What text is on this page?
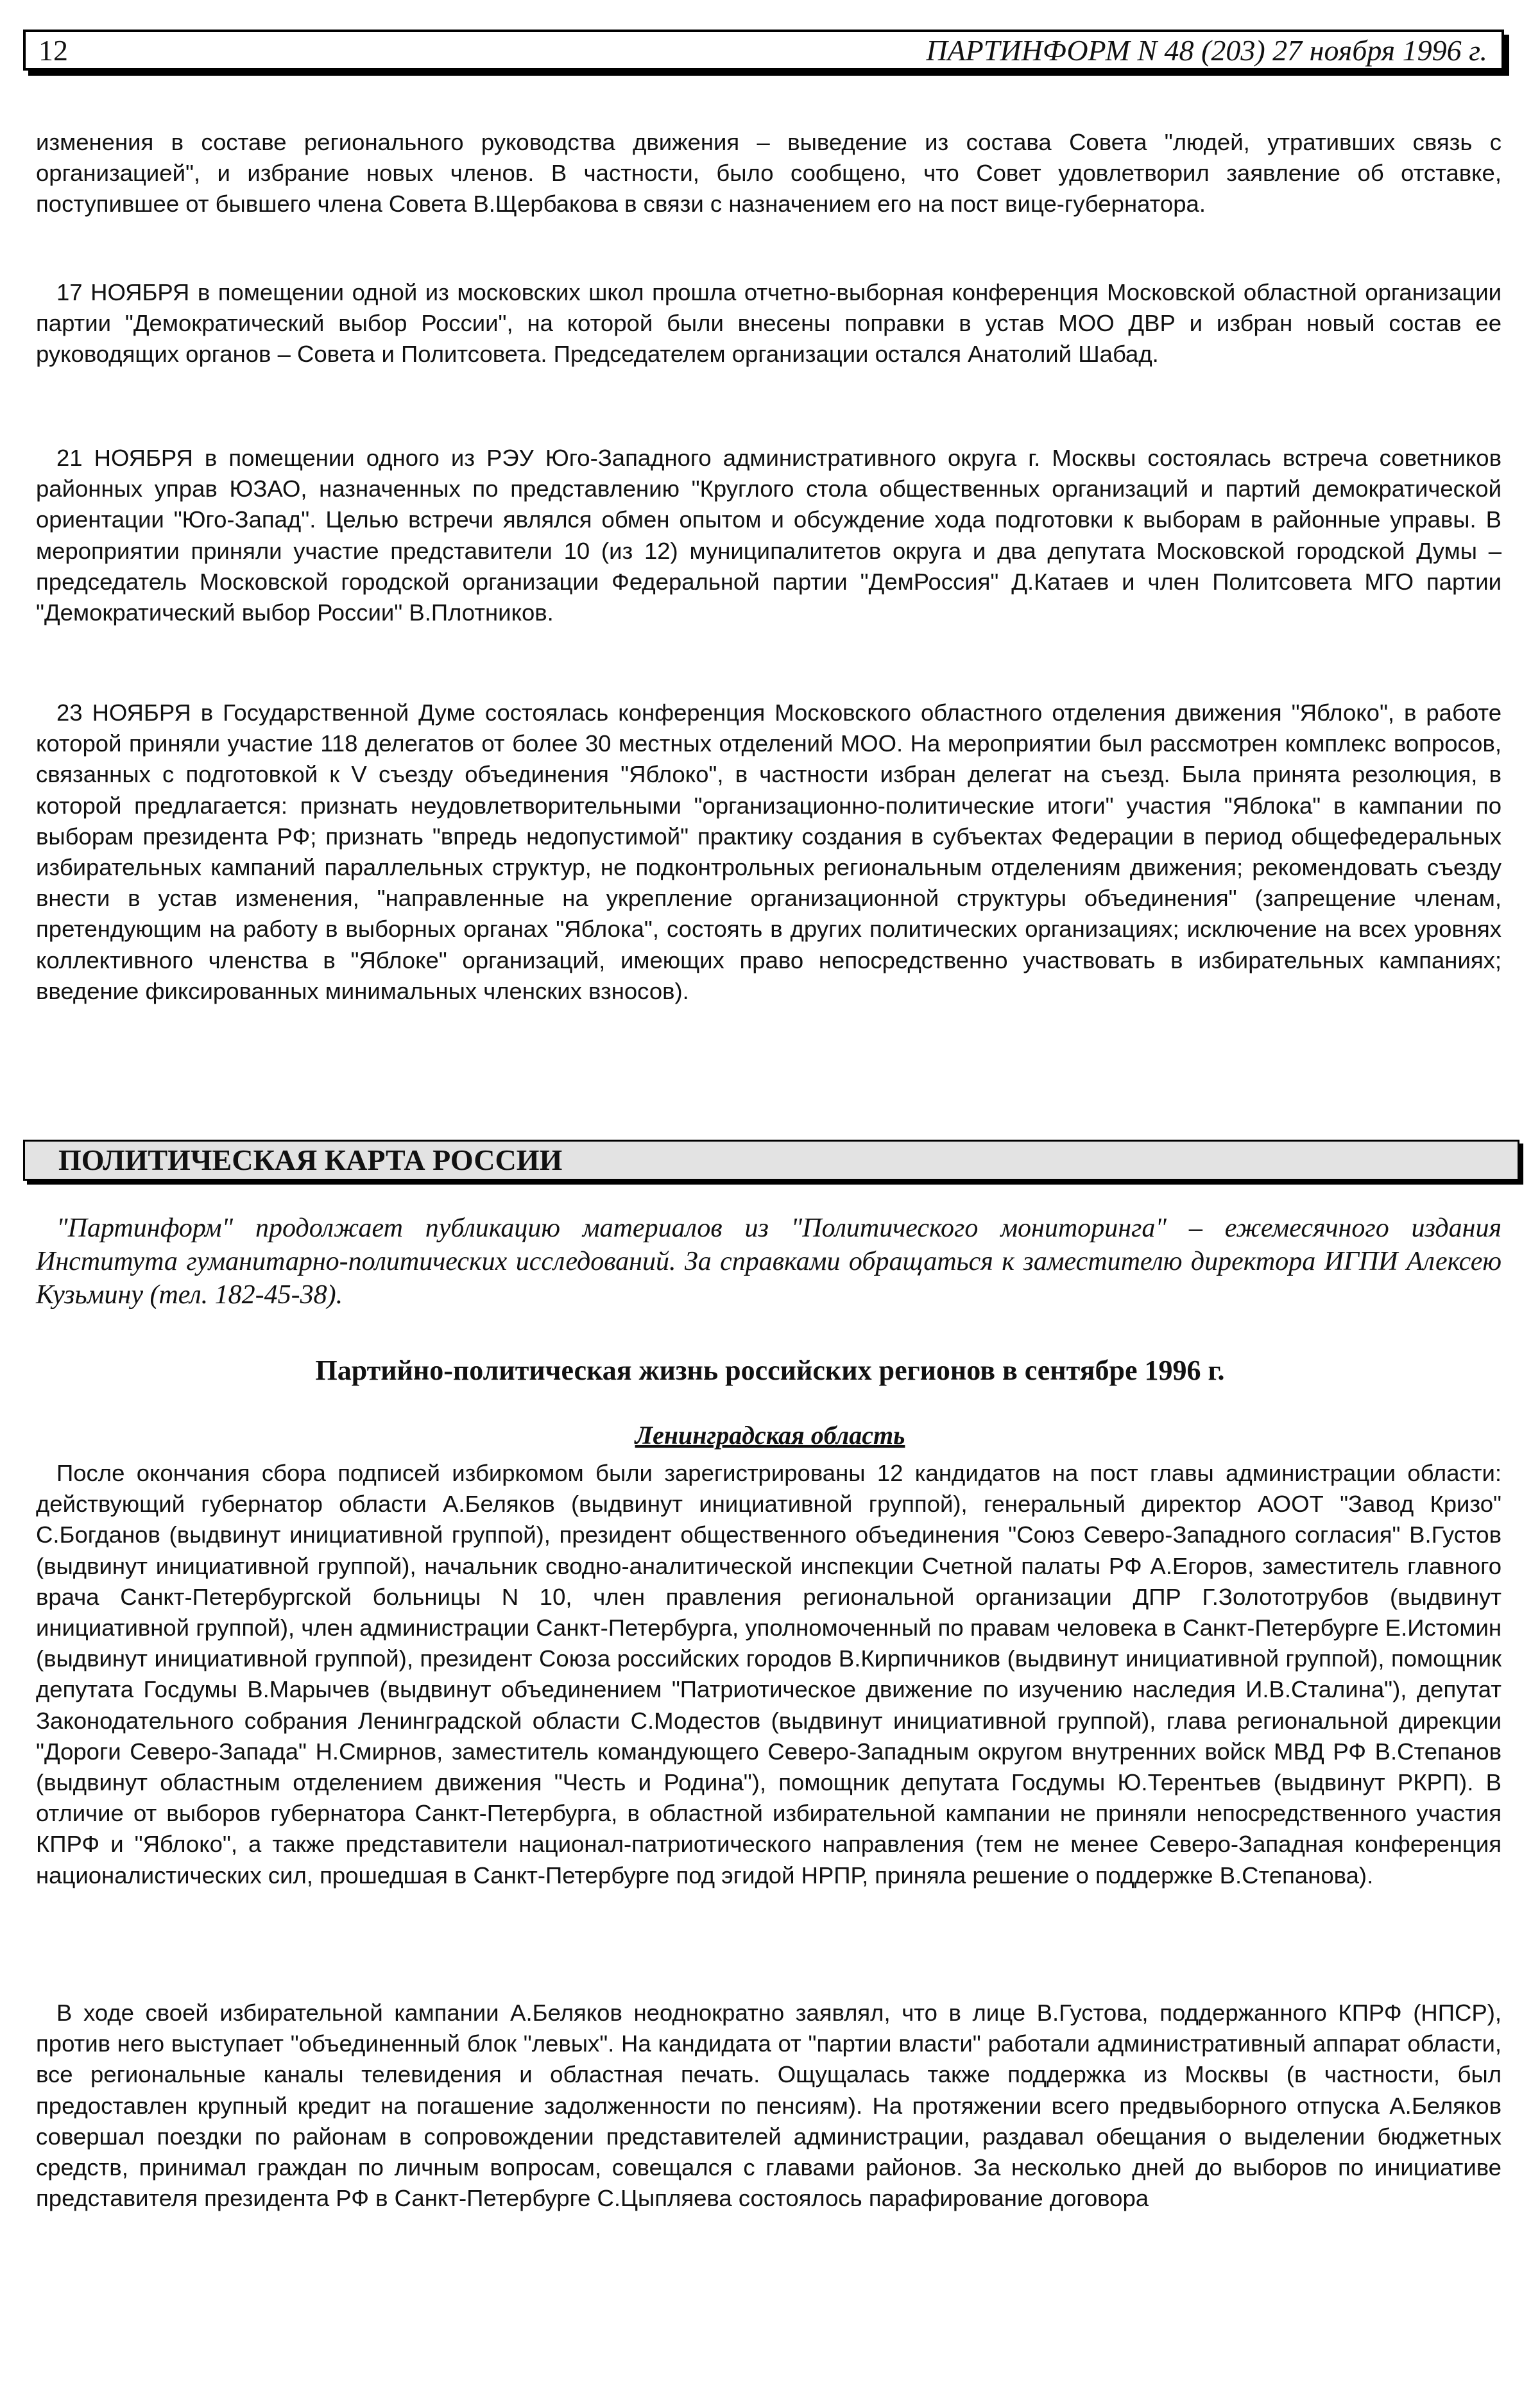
12	ПАРТИНФОРМ N 48 (203) 27 ноября 1996 г.

изменения в составе регионального руководства движения – выведение из состава Совета "людей, утративших связь с организацией", и избрание новых членов. В частности, было сообщено, что Совет удовлетворил заявление об отставке, поступившее от бывшего члена Совета В.Щербакова в связи с назначением его на пост вице-губернатора.

17 НОЯБРЯ в помещении одной из московских школ прошла отчетно-выборная конференция Московской областной организации партии "Демократический выбор России", на которой были внесены поправки в устав МОО ДВР и избран новый состав ее руководящих органов – Совета и Политсовета. Председателем организации остался Анатолий Шабад.

21 НОЯБРЯ в помещении одного из РЭУ Юго-Западного административного округа г. Москвы состоялась встреча советников районных управ ЮЗАО, назначенных по представлению "Круглого стола общественных организаций и партий демократической ориентации "Юго-Запад". Целью встречи являлся обмен опытом и обсуждение хода подготовки к выборам в районные управы. В мероприятии приняли участие представители 10 (из 12) муниципалитетов округа и два депутата Московской городской Думы – председатель Московской городской организации Федеральной партии "ДемРоссия" Д.Катаев и член Политсовета МГО партии "Демократический выбор России" В.Плотников.

23 НОЯБРЯ в Государственной Думе состоялась конференция Московского областного отделения движения "Яблоко", в работе которой приняли участие 118 делегатов от более 30 местных отделений МОО. На мероприятии был рассмотрен комплекс вопросов, связанных с подготовкой к V съезду объединения "Яблоко", в частности избран делегат на съезд. Была принята резолюция, в которой предлагается: признать неудовлетворительными "организационно-политические итоги" участия "Яблока" в кампании по выборам президента РФ; признать "впредь недопустимой" практику создания в субъектах Федерации в период общефедеральных избирательных кампаний параллельных структур, не подконтрольных региональным отделениям движения; рекомендовать съезду внести в устав изменения, "направленные на укрепление организационной структуры объединения" (запрещение членам, претендующим на работу в выборных органах "Яблока", состоять в других политических организациях; исключение на всех уровнях коллективного членства в "Яблоке" организаций, имеющих право непосредственно участвовать в избирательных кампаниях; введение фиксированных минимальных членских взносов).

ПОЛИТИЧЕСКАЯ КАРТА РОССИИ

"Партинформ" продолжает публикацию материалов из "Политического мониторинга" – ежемесячного издания Института гуманитарно-политических исследований. За справками обращаться к заместителю директора ИГПИ Алексею Кузьмину (тел. 182-45-38).

Партийно-политическая жизнь российских регионов в сентябре 1996 г.
Ленинградская область

После окончания сбора подписей избиркомом были зарегистрированы 12 кандидатов на пост главы администрации области: действующий губернатор области А.Беляков (выдвинут инициативной группой), генеральный директор АООТ "Завод Кризо" С.Богданов (выдвинут инициативной группой), президент общественного объединения "Союз Северо-Западного согласия" В.Густов (выдвинут инициативной группой), начальник сводно-аналитической инспекции Счетной палаты РФ А.Егоров, заместитель главного врача Санкт-Петербургской больницы N 10, член правления региональной организации ДПР Г.Золототрубов (выдвинут инициативной группой), член администрации Санкт-Петербурга, уполномоченный по правам человека в Санкт-Петербурге Е.Истомин (выдвинут инициативной группой), президент Союза российских городов В.Кирпичников (выдвинут инициативной группой), помощник депутата Госдумы В.Марычев (выдвинут объединением "Патриотическое движение по изучению наследия И.В.Сталина"), депутат Законодательного собрания Ленинградской области С.Модестов (выдвинут инициативной группой), глава региональной дирекции "Дороги Северо-Запада" Н.Смирнов, заместитель командующего Северо-Западным округом внутренних войск МВД РФ В.Степанов (выдвинут областным отделением движения "Честь и Родина"), помощник депутата Госдумы Ю.Терентьев (выдвинут РКРП). В отличие от выборов губернатора Санкт-Петербурга, в областной избирательной кампании не приняли непосредственного участия КПРФ и "Яблоко", а также представители национал-патриотического направления (тем не менее Северо-Западная конференция националистических сил, прошедшая в Санкт-Петербурге под эгидой НРПР, приняла решение о поддержке В.Степанова).

В ходе своей избирательной кампании А.Беляков неоднократно заявлял, что в лице В.Густова, поддержанного КПРФ (НПСР), против него выступает "объединенный блок "левых". На кандидата от "партии власти" работали административный аппарат области, все региональные каналы телевидения и областная печать. Ощущалась также поддержка из Москвы (в частности, был предоставлен крупный кредит на погашение задолженности по пенсиям). На протяжении всего предвыборного отпуска А.Беляков совершал поездки по районам в сопровождении представителей администрации, раздавал обещания о выделении бюджетных средств, принимал граждан по личным вопросам, совещался с главами районов. За несколько дней до выборов по инициативе представителя президента РФ в Санкт-Петербурге С.Цыпляева состоялось парафирование договора
